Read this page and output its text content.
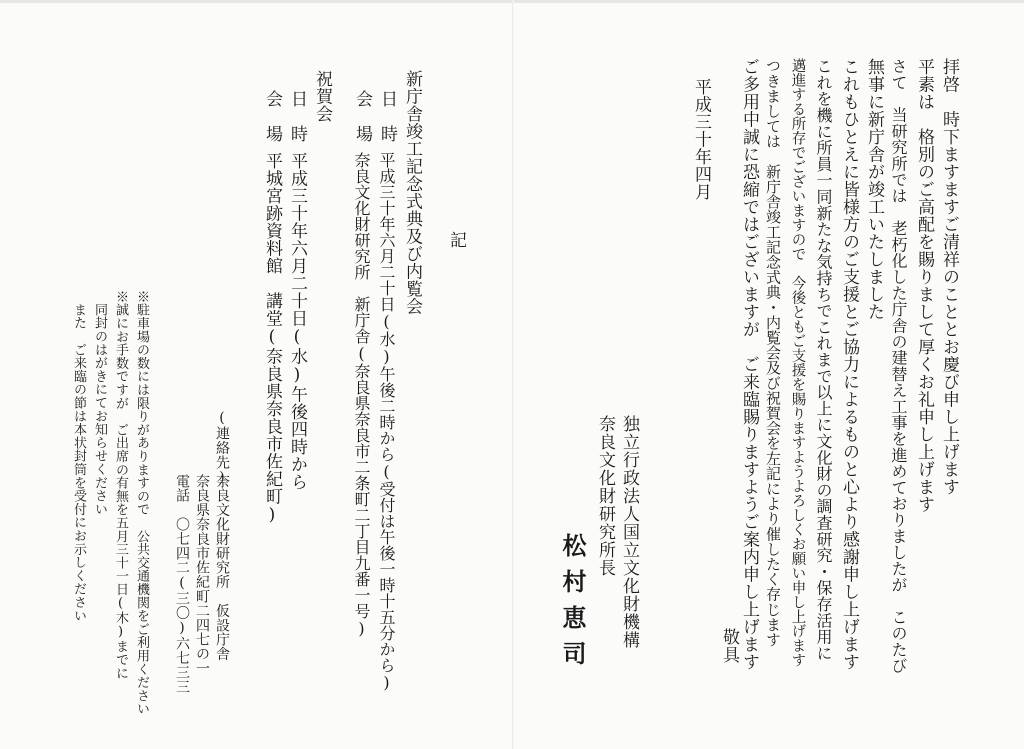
拝啓　時下ますますご清祥のこととお慶び申し上げます
平素は　格別のご高配を賜りまして厚くお礼申し上げます
さて　当研究所では　老朽化した庁舎の建替え工事を進めておりましたが　このたび
無事に新庁舎が竣工いたしました
これもひとえに皆様方のご支援とご協力によるものと心より感謝申し上げます
これを機に所員一同新たな気持ちでこれまで以上に文化財の調査研究・保存活用に
邁進する所存でございますので　今後ともご支援を賜りますようよろしくお願い申し上げます
つきましては　新庁舎竣工記念式典・内覧会及び祝賀会を左記により催したく存じます
ご多用中誠に恐縮ではございますが　ご来臨賜りますようご案内申し上げます
敬具
平成三十年四月
独立行政法人国立文化財機構
奈良文化財研究所長
松村恵司
記
新庁舎竣工記念式典及び内覧会
日　時
平成三十年六月二十日(水)午後二時から(受付は午後一時十五分から)
会　場
奈良文化財研究所　新庁舎(奈良県奈良市二条町二丁目九番一号)
祝賀会
日　時
平成三十年六月二十日(水)午後四時から
会　場
平城宮跡資料館　講堂(奈良県奈良市佐紀町)
(連絡先)
奈良文化財研究所　仮設庁舎
奈良県奈良市佐紀町二四七の一
電話　〇七四二(三〇)六七三三
※駐車場の数には限りがありますので　公共交通機関をご利用ください
※誠にお手数ですが　ご出席の有無を五月三十一日(木)までに
同封のはがきにてお知らせください
また　ご来臨の節は本状封筒を受付にお示しください
